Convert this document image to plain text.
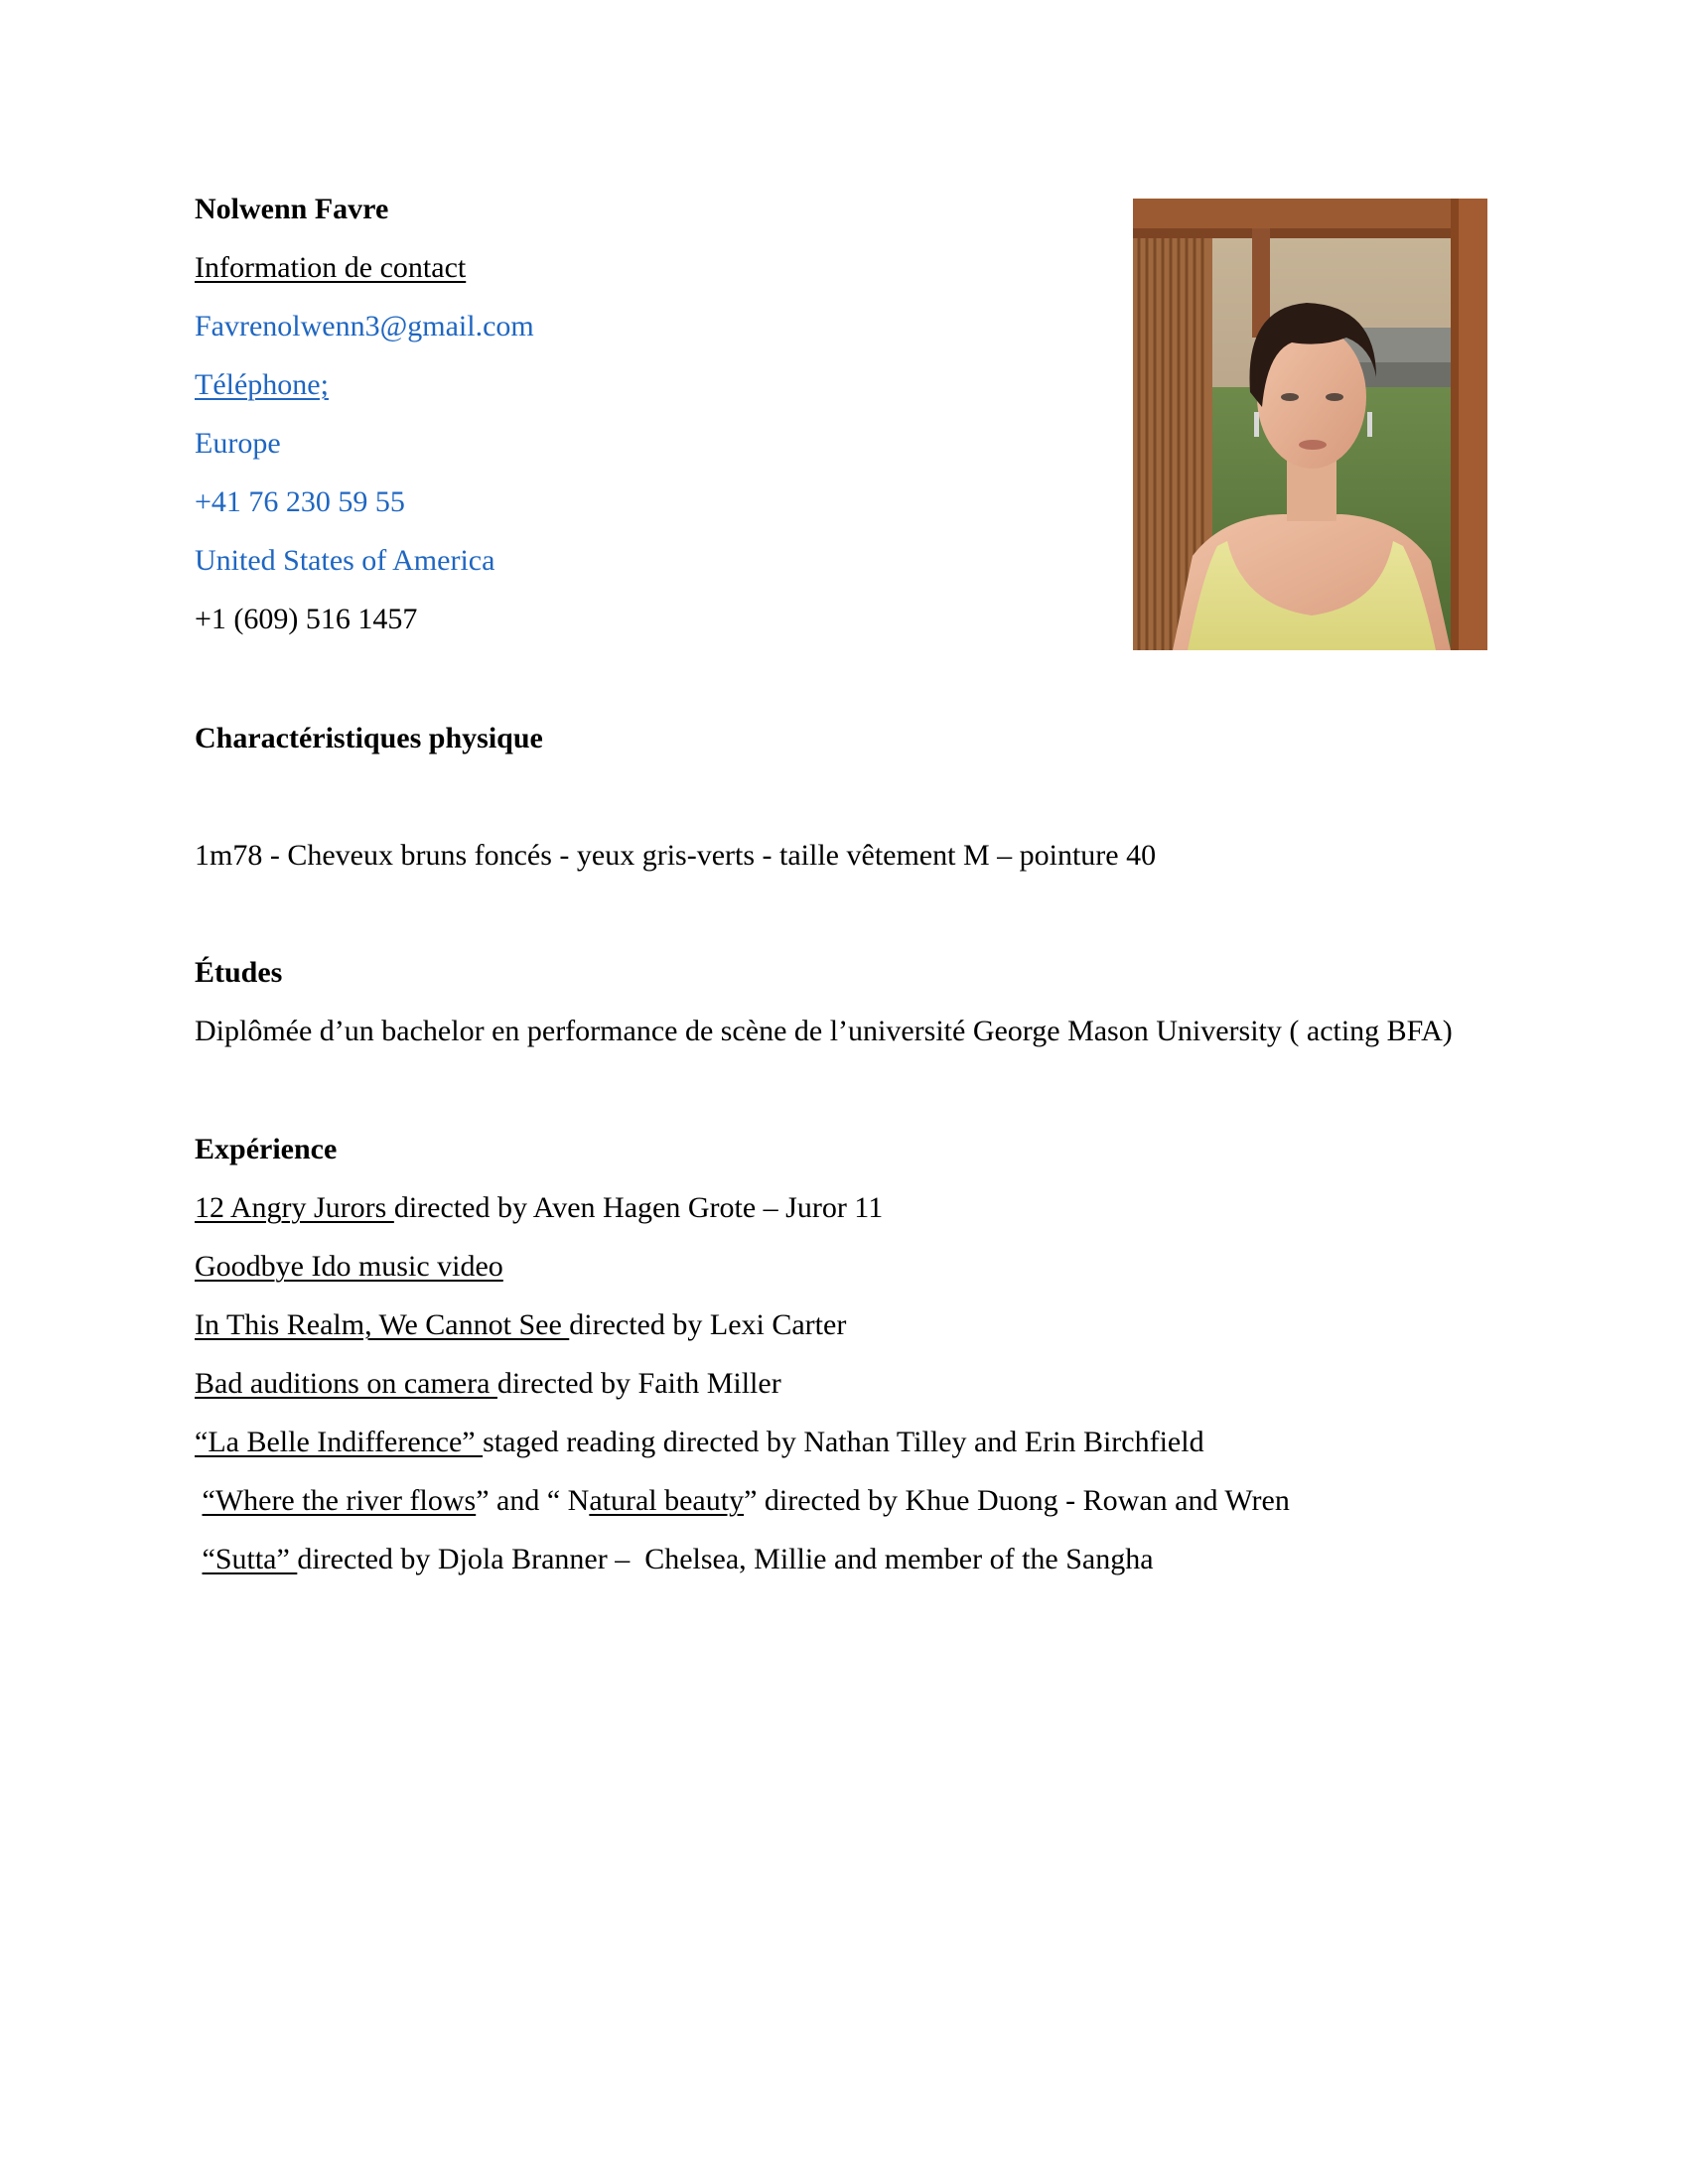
Nolwenn Favre
Information de contact
Favrenolwenn3@gmail.com
Téléphone;
Europe
+41 76 230 59 55
United States of America
+1 (609) 516 1457
Charactéristiques physique
1m78 - Cheveux bruns foncés - yeux gris-verts - taille vêtement M – pointure 40
Études
Diplômée d’un bachelor en performance de scène de l’université George Mason University ( acting BFA)
Expérience
12 Angry Jurors directed by Aven Hagen Grote – Juror 11
Goodbye Ido music video
In This Realm, We Cannot See directed by Lexi Carter
Bad auditions on camera directed by Faith Miller
“La Belle Indifference” staged reading directed by Nathan Tilley and Erin Birchfield
“Where the river flows” and “ Natural beauty” directed by Khue Duong - Rowan and Wren
“Sutta” directed by Djola Branner –  Chelsea, Millie and member of the Sangha
